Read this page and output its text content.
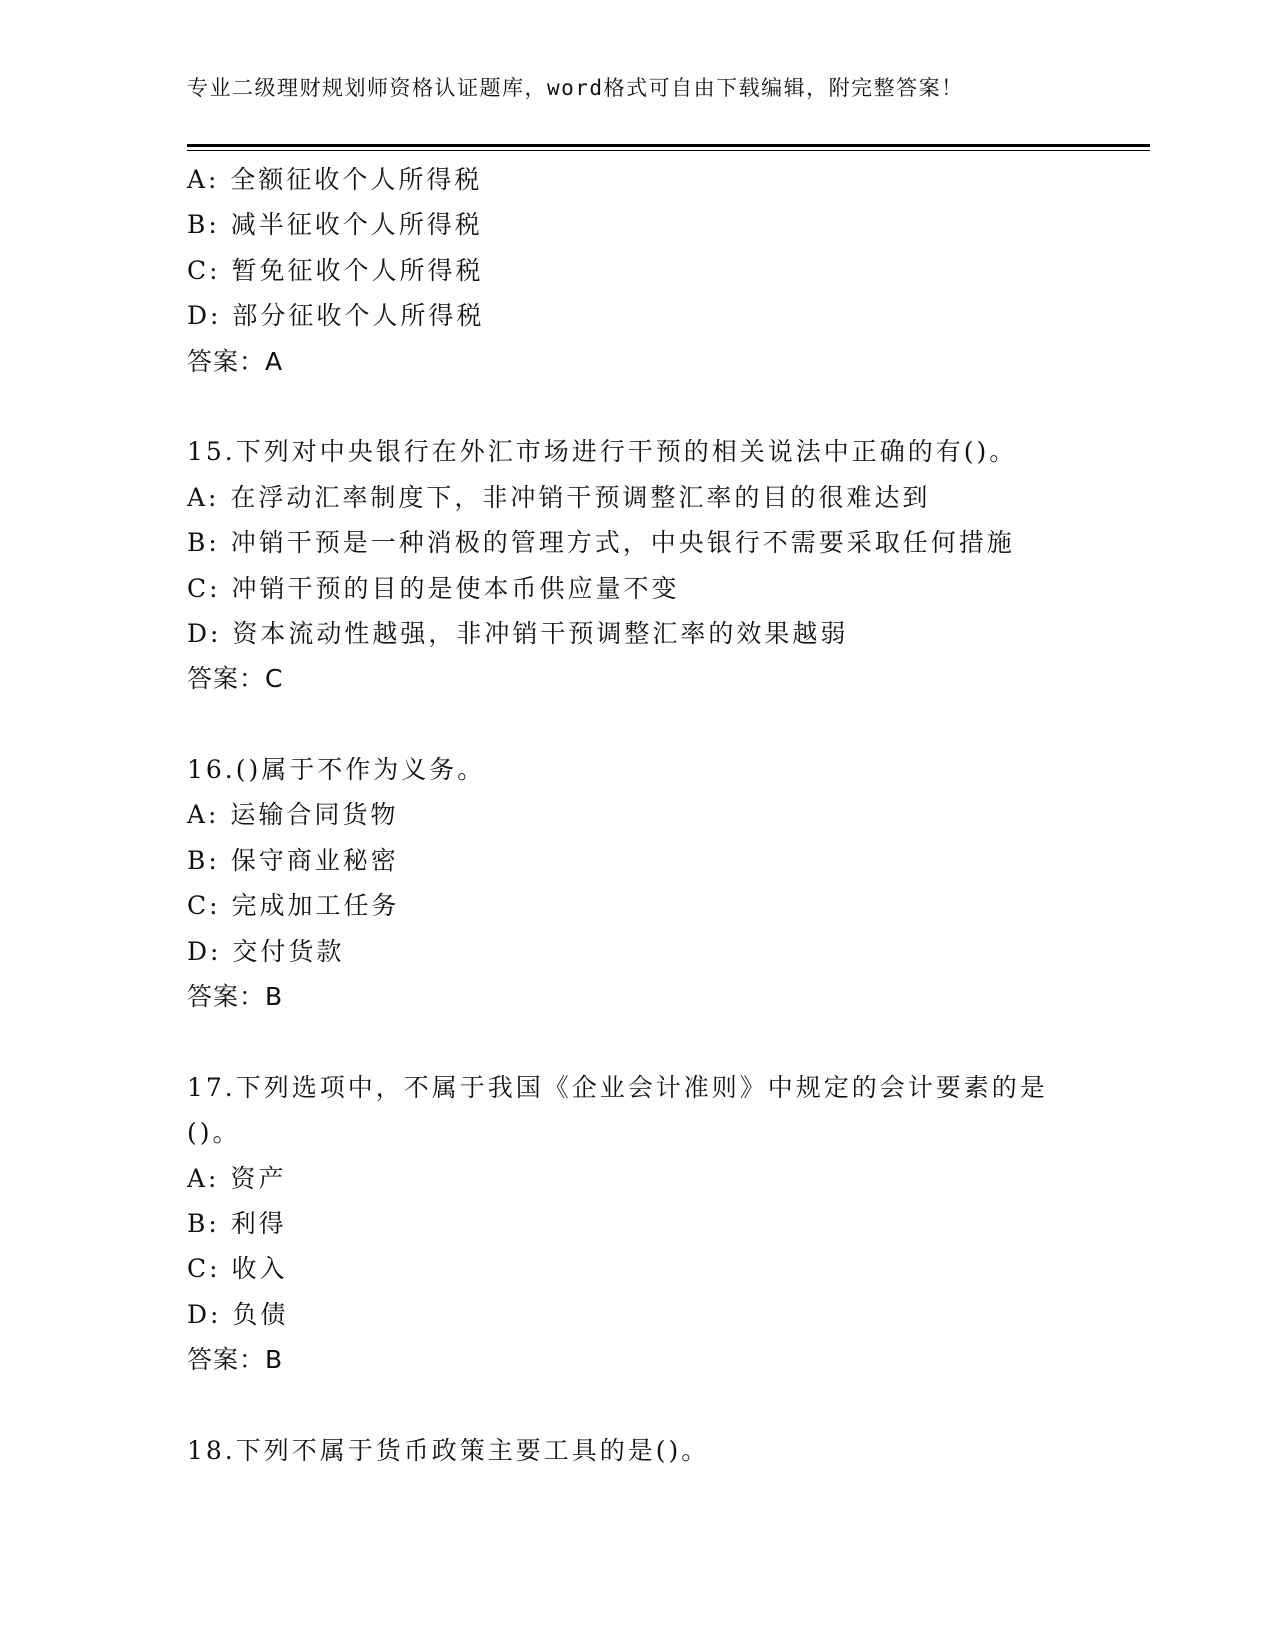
专业二级理财规划师资格认证题库，word格式可自由下载编辑，附完整答案！
A: 全额征收个人所得税
B: 减半征收个人所得税
C: 暂免征收个人所得税
D: 部分征收个人所得税
答案：A
15.下列对中央银行在外汇市场进行干预的相关说法中正确的有()。
A: 在浮动汇率制度下，非冲销干预调整汇率的目的很难达到
B: 冲销干预是一种消极的管理方式，中央银行不需要采取任何措施
C: 冲销干预的目的是使本币供应量不变
D: 资本流动性越强，非冲销干预调整汇率的效果越弱
答案：C
16.()属于不作为义务。
A: 运输合同货物
B: 保守商业秘密
C: 完成加工任务
D: 交付货款
答案：B
17.下列选项中，不属于我国《企业会计准则》中规定的会计要素的是
()。
A: 资产
B: 利得
C: 收入
D: 负债
答案：B
18.下列不属于货币政策主要工具的是()。
